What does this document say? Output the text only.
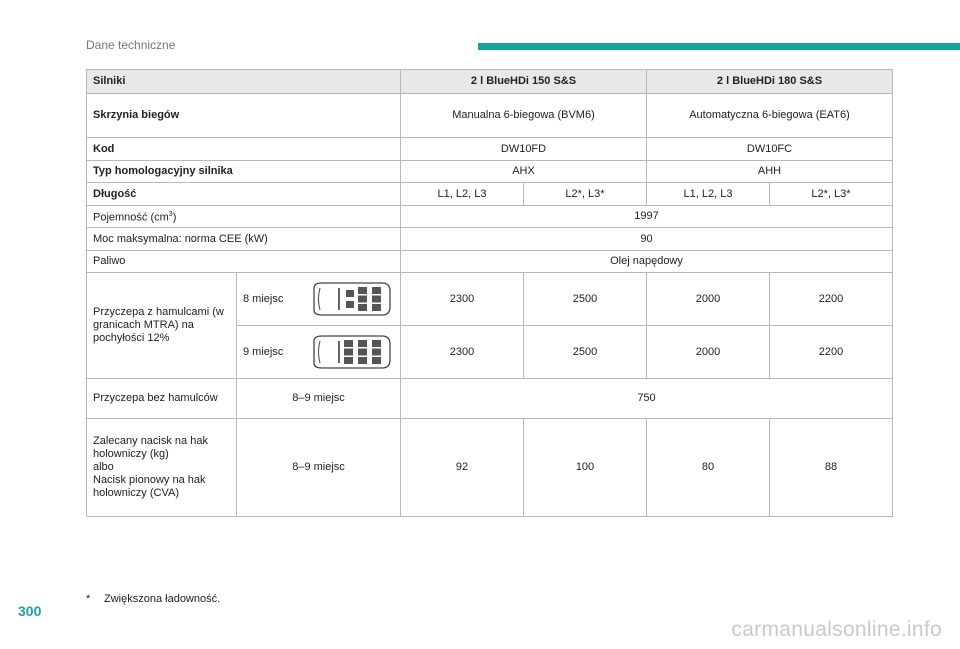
Dane techniczne
Silniki		2 l BlueHDi 150 S&S		2 l BlueHDi 180 S&S	
Skrzynia biegów		Manualna 6-biegowa (BVM6)		Automatyczna 6-biegowa (EAT6)	
Kod		DW10FD		DW10FC	
Typ homologacyjny silnika		AHX		AHH	
Długość		L1, L2, L3	L2*, L3*	L1, L2, L3	L2*, L3*
Pojemność $(cm^3)$		1997			
Moc maksymalna: norma CEE (kW)		90			
Paliwo		Olej napędowy			
Przyczepa z hamulcami (w granicach MTRA) na pochyłości 12%	8 miejsc	2300	2500	2000	2200

	9 miejsc	2300	2500	2000	2200
Przyczepa bez hamulców	8–9 miejsc	750			

Zalecany nacisk na hak
holowniczy (kg)
albo
Nacisk pionowy na hak
holowniczy (CVA)	8–9 miejsc	92	100	80	88
* Zwiększona ładowność.
300
carmanualsonline.info
